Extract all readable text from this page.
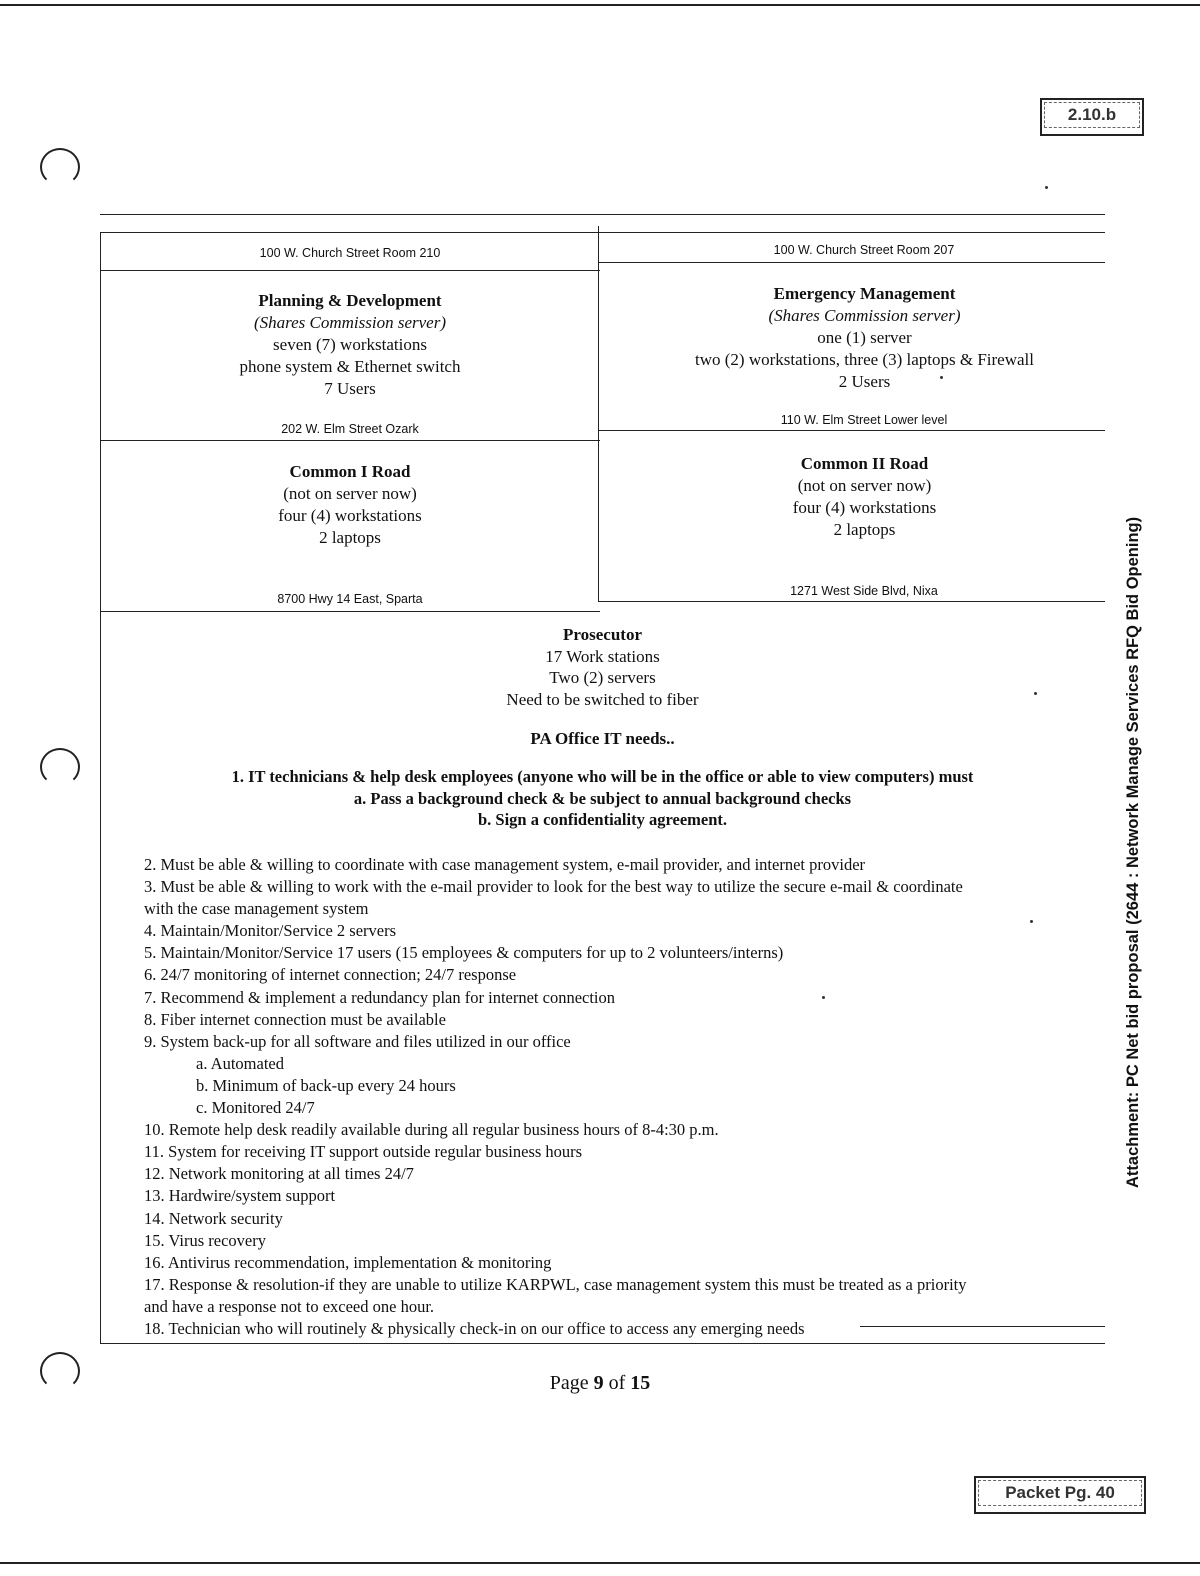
2.10.b
Attachment: PC Net bid proposal (2644 : Network Manage Services RFQ Bid Opening)
100 W. Church Street Room 210	100 W. Church Street Room 207
Planning & Development
(Shares Commission server)
seven (7) workstations
phone system & Ethernet switch
7 Users
Emergency Management
(Shares Commission server)
one (1) server
two (2) workstations, three (3) laptops & Firewall
2 Users
202 W. Elm Street Ozark
110 W. Elm Street Lower level
Common I Road
(not on server now)
four (4) workstations
2 laptops
Common II Road
(not on server now)
four (4) workstations
2 laptops
8700 Hwy 14 East, Sparta
1271 West Side Blvd, Nixa
Prosecutor
17 Work stations
Two (2) servers
Need to be switched to fiber
PA Office IT needs..
1. IT technicians & help desk employees (anyone who will be in the office or able to view computers) must
a. Pass a background check & be subject to annual background checks
b. Sign a confidentiality agreement.
2. Must be able & willing to coordinate with case management system, e-mail provider, and internet provider
3. Must be able & willing to work with the e-mail provider to look for the best way to utilize the secure e-mail & coordinate
with the case management system
4. Maintain/Monitor/Service 2 servers
5. Maintain/Monitor/Service 17 users (15 employees & computers for up to 2 volunteers/interns)
6. 24/7 monitoring of internet connection; 24/7 response
7. Recommend & implement a redundancy plan for internet connection
8. Fiber internet connection must be available
9. System back-up for all software and files utilized in our office
a. Automated
b. Minimum of back-up every 24 hours
c. Monitored 24/7
10. Remote help desk readily available during all regular business hours of 8-4:30 p.m.
11. System for receiving IT support outside regular business hours
12. Network monitoring at all times 24/7
13. Hardwire/system support
14. Network security
15. Virus recovery
16. Antivirus recommendation, implementation & monitoring
17. Response & resolution-if they are unable to utilize KARPWL, case management system this must be treated as a priority
and have a response not to exceed one hour.
18. Technician who will routinely & physically check-in on our office to access any emerging needs
Page 9 of 15
Packet Pg. 40
